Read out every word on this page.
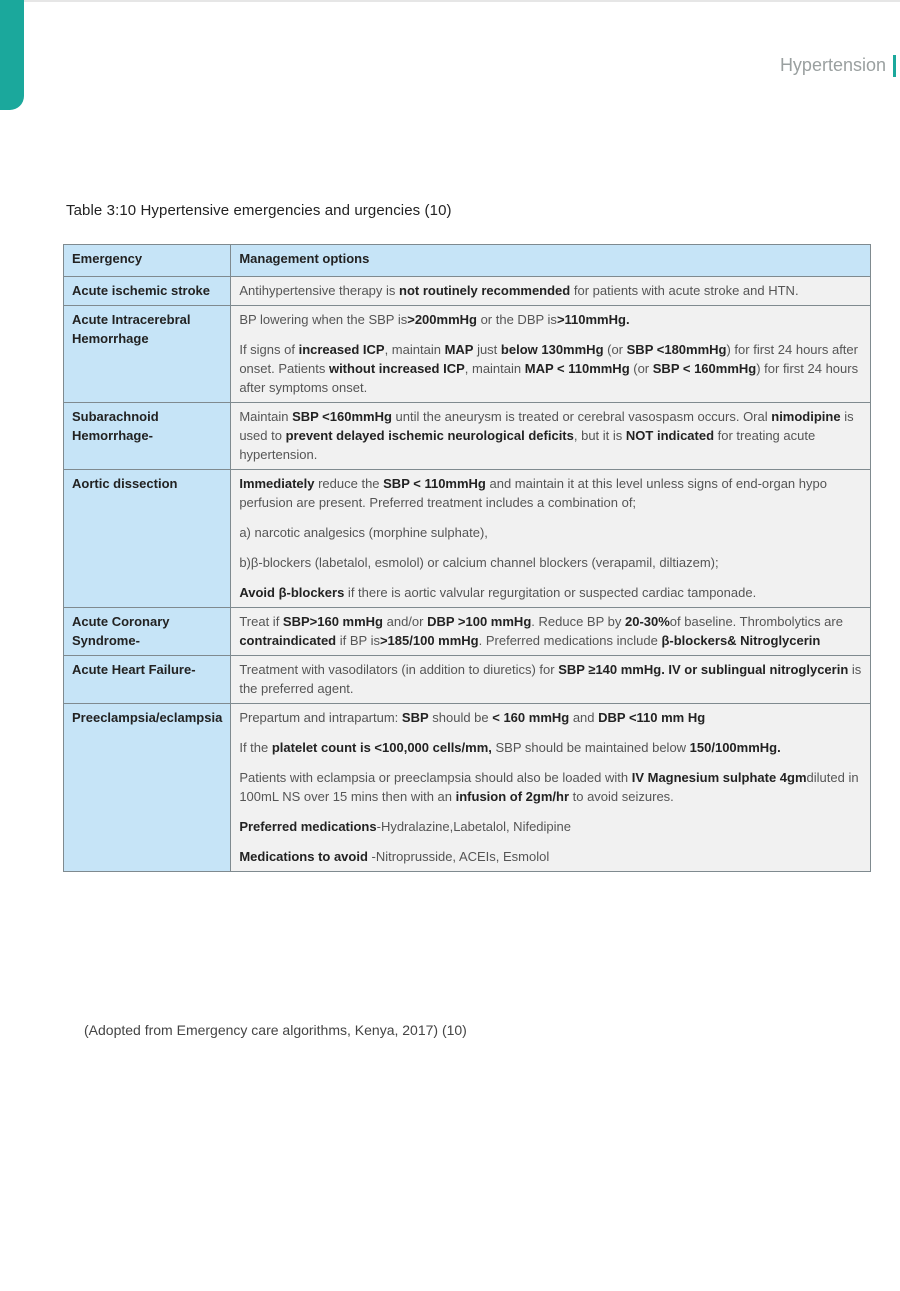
Hypertension
Table 3:10 Hypertensive emergencies and urgencies (10)
Emergency	Management options
Acute ischemic stroke	Antihypertensive therapy is not routinely recommended for patients with acute stroke and HTN.

Acute Intracerebral Hemorrhage	BP lowering when the SBP is>200mmHg or the DBP is>110mmHg.

If signs of increased ICP, maintain MAP just below 130mmHg (or SBP <180mmHg) for first 24 hours after onset. Patients without increased ICP, maintain MAP < 110mmHg (or SBP < 160mmHg) for first 24 hours after symptoms onset.

Subarachnoid Hemorrhage-	Maintain SBP <160mmHg until the aneurysm is treated or cerebral vasospasm occurs. Oral nimodipine is used to prevent delayed ischemic neurological deficits, but it is NOT indicated for treating acute hypertension.

Aortic dissection	Immediately reduce the SBP < 110mmHg and maintain it at this level unless signs of end-organ hypo perfusion are present. Preferred treatment includes a combination of;

a) narcotic analgesics (morphine sulphate),

b)β-blockers (labetalol, esmolol) or calcium channel blockers (verapamil, diltiazem);

Avoid β-blockers if there is aortic valvular regurgitation or suspected cardiac tamponade.

Acute Coronary Syndrome-	Treat if SBP>160 mmHg and/or DBP >100 mmHg. Reduce BP by 20-30%of baseline. Thrombolytics are contraindicated if BP is>185/100 mmHg. Preferred medications include β-blockers& Nitroglycerin

Acute Heart Failure-	Treatment with vasodilators (in addition to diuretics) for SBP ≥140 mmHg. IV or sublingual nitroglycerin is the preferred agent.

Preeclampsia/eclampsia	Prepartum and intrapartum: SBP should be < 160 mmHg and DBP <110 mm Hg

If the platelet count is <100,000 cells/mm, SBP should be maintained below 150/100mmHg.

Patients with eclampsia or preeclampsia should also be loaded with IV Magnesium sulphate 4gmdiluted in 100mL NS over 15 mins then with an infusion of 2gm/hr to avoid seizures.

Preferred medications-Hydralazine,Labetalol, Nifedipine

Medications to avoid -Nitroprusside, ACEIs, Esmolol

(Adopted from Emergency care algorithms, Kenya, 2017) (10)
